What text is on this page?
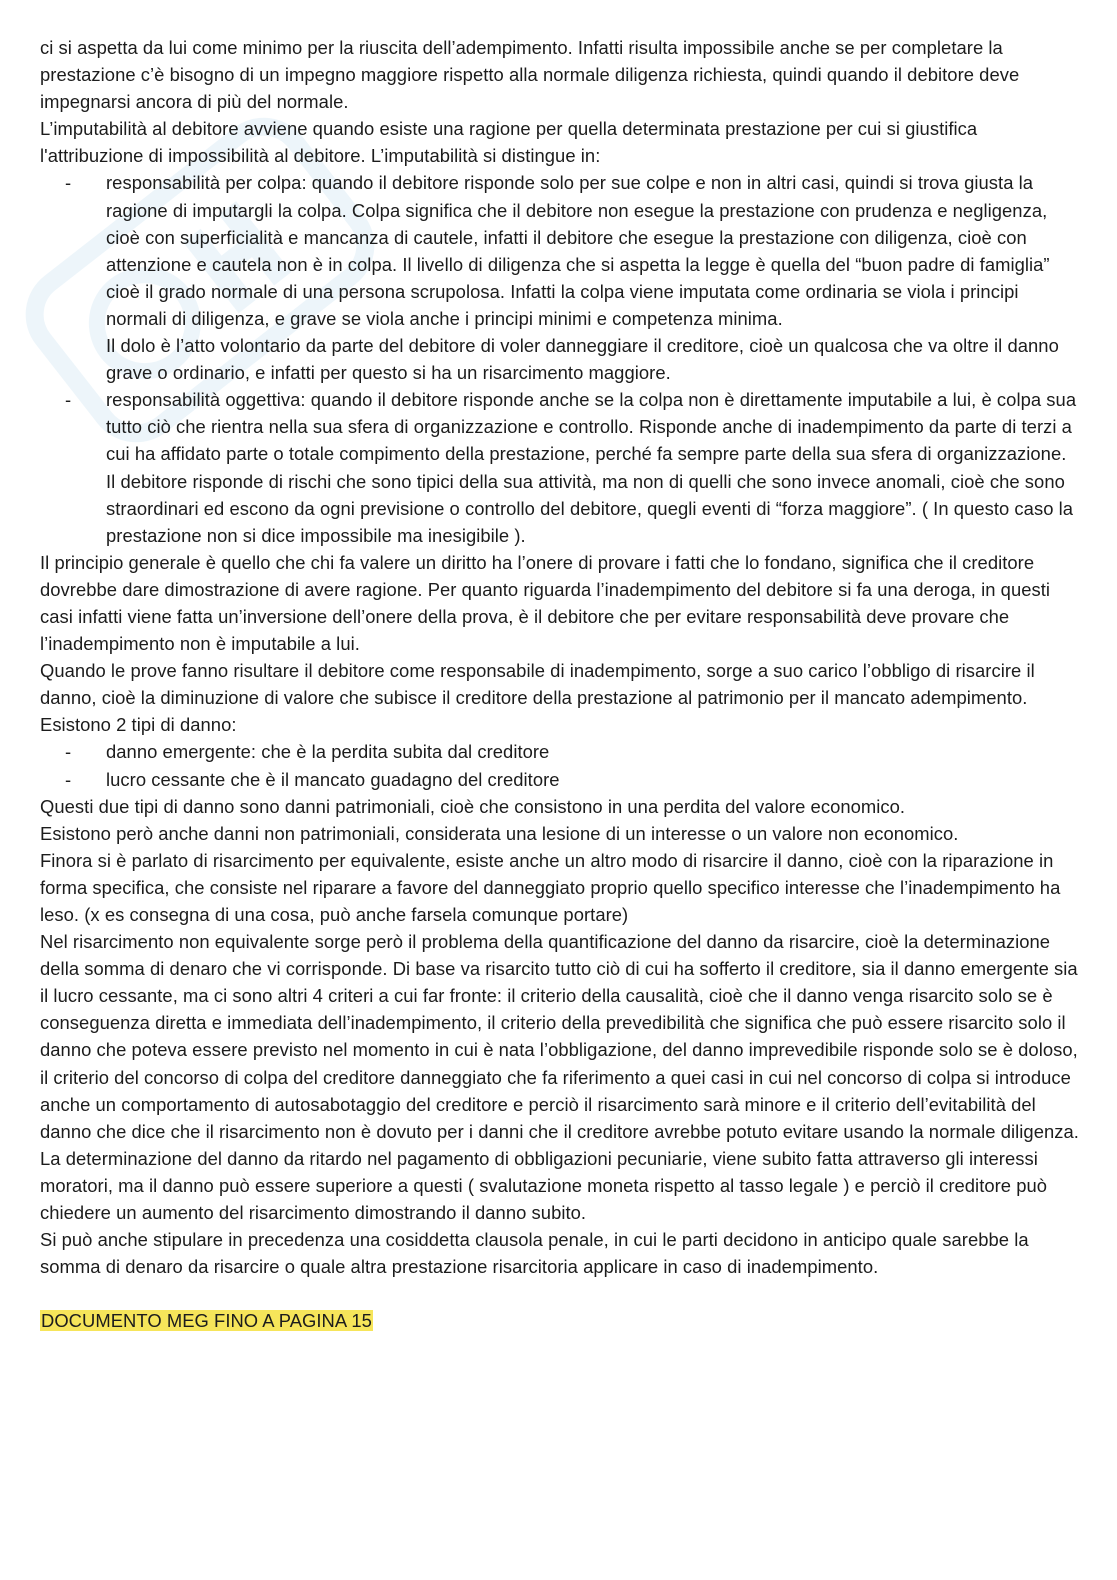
ci si aspetta da lui come minimo per la riuscita dell’adempimento. Infatti risulta impossibile anche se per completare la prestazione c’è bisogno di un impegno maggiore rispetto alla normale diligenza richiesta, quindi quando il debitore deve impegnarsi ancora di più del normale.

L’imputabilità al debitore avviene quando esiste una ragione per quella determinata prestazione per cui si giustifica l'attribuzione di impossibilità al debitore. L’imputabilità si distingue in:

- responsabilità per colpa: quando il debitore risponde solo per sue colpe e non in altri casi, quindi si trova giusta la ragione di imputargli la colpa. Colpa significa che il debitore non esegue la prestazione con prudenza e negligenza, cioè con superficialità e mancanza di cautele, infatti il debitore che esegue la prestazione con diligenza, cioè con attenzione e cautela non è in colpa. Il livello di diligenza che si aspetta la legge è quella del “buon padre di famiglia” cioè il grado normale di una persona scrupolosa. Infatti la colpa viene imputata come ordinaria se viola i principi normali di diligenza, e grave se viola anche i principi minimi e competenza minima.

Il dolo è l’atto volontario da parte del debitore di voler danneggiare il creditore, cioè un qualcosa che va oltre il danno grave o ordinario, e infatti per questo si ha un risarcimento maggiore.

- responsabilità oggettiva: quando il debitore risponde anche se la colpa non è direttamente imputabile a lui, è colpa sua tutto ciò che rientra nella sua sfera di organizzazione e controllo. Risponde anche di inadempimento da parte di terzi a cui ha affidato parte o totale compimento della prestazione, perché fa sempre parte della sua sfera di organizzazione. Il debitore risponde di rischi che sono tipici della sua attività, ma non di quelli che sono invece anomali, cioè che sono straordinari ed escono da ogni previsione o controllo del debitore, quegli eventi di “forza maggiore”. ( In questo caso la prestazione non si dice impossibile ma inesigibile ).

Il principio generale è quello che chi fa valere un diritto ha l’onere di provare i fatti che lo fondano, significa che il creditore dovrebbe dare dimostrazione di avere ragione. Per quanto riguarda l’inadempimento del debitore si fa una deroga, in questi casi infatti viene fatta un’inversione dell’onere della prova, è il debitore che per evitare responsabilità deve provare che l’inadempimento non è imputabile a lui.

Quando le prove fanno risultare il debitore come responsabile di inadempimento, sorge a suo carico l’obbligo di risarcire il danno, cioè la diminuzione di valore che subisce il creditore della prestazione al patrimonio per il mancato adempimento. Esistono 2 tipi di danno:

- danno emergente: che è la perdita subita dal creditore
- lucro cessante che è il mancato guadagno del creditore

Questi due tipi di danno sono danni patrimoniali, cioè che consistono in una perdita del valore economico.

Esistono però anche danni non patrimoniali, considerata una lesione di un interesse o un valore non economico.

Finora si è parlato di risarcimento per equivalente, esiste anche un altro modo di risarcire il danno, cioè con la riparazione in forma specifica, che consiste nel riparare a favore del danneggiato proprio quello specifico interesse che l’inadempimento ha leso. (x es consegna di una cosa, può anche farsela comunque portare)

Nel risarcimento non equivalente sorge però il problema della quantificazione del danno da risarcire, cioè la determinazione della somma di denaro che vi corrisponde. Di base va risarcito tutto ciò di cui ha sofferto il creditore, sia il danno emergente sia il lucro cessante, ma ci sono altri 4 criteri a cui far fronte: il criterio della causalità, cioè che il danno venga risarcito solo se è conseguenza diretta e immediata dell’inadempimento, il criterio della prevedibilità che significa che può essere risarcito solo il danno che poteva essere previsto nel momento in cui è nata l’obbligazione, del danno imprevedibile risponde solo se è doloso, il criterio del concorso di colpa del creditore danneggiato che fa riferimento a quei casi in cui nel concorso di colpa si introduce anche un comportamento di autosabotaggio del creditore e perciò il risarcimento sarà minore e il criterio dell’evitabilità del danno che dice che il risarcimento non è dovuto per i danni che il creditore avrebbe potuto evitare usando la normale diligenza.

La determinazione del danno da ritardo nel pagamento di obbligazioni pecuniarie, viene subito fatta attraverso gli interessi moratori, ma il danno può essere superiore a questi ( svalutazione moneta rispetto al tasso legale ) e perciò il creditore può chiedere un aumento del risarcimento dimostrando il danno subito.

Si può anche stipulare in precedenza una cosiddetta clausola penale, in cui le parti decidono in anticipo quale sarebbe la somma di denaro da risarcire o quale altra prestazione risarcitoria applicare in caso di inadempimento.

DOCUMENTO MEG FINO A PAGINA 15
